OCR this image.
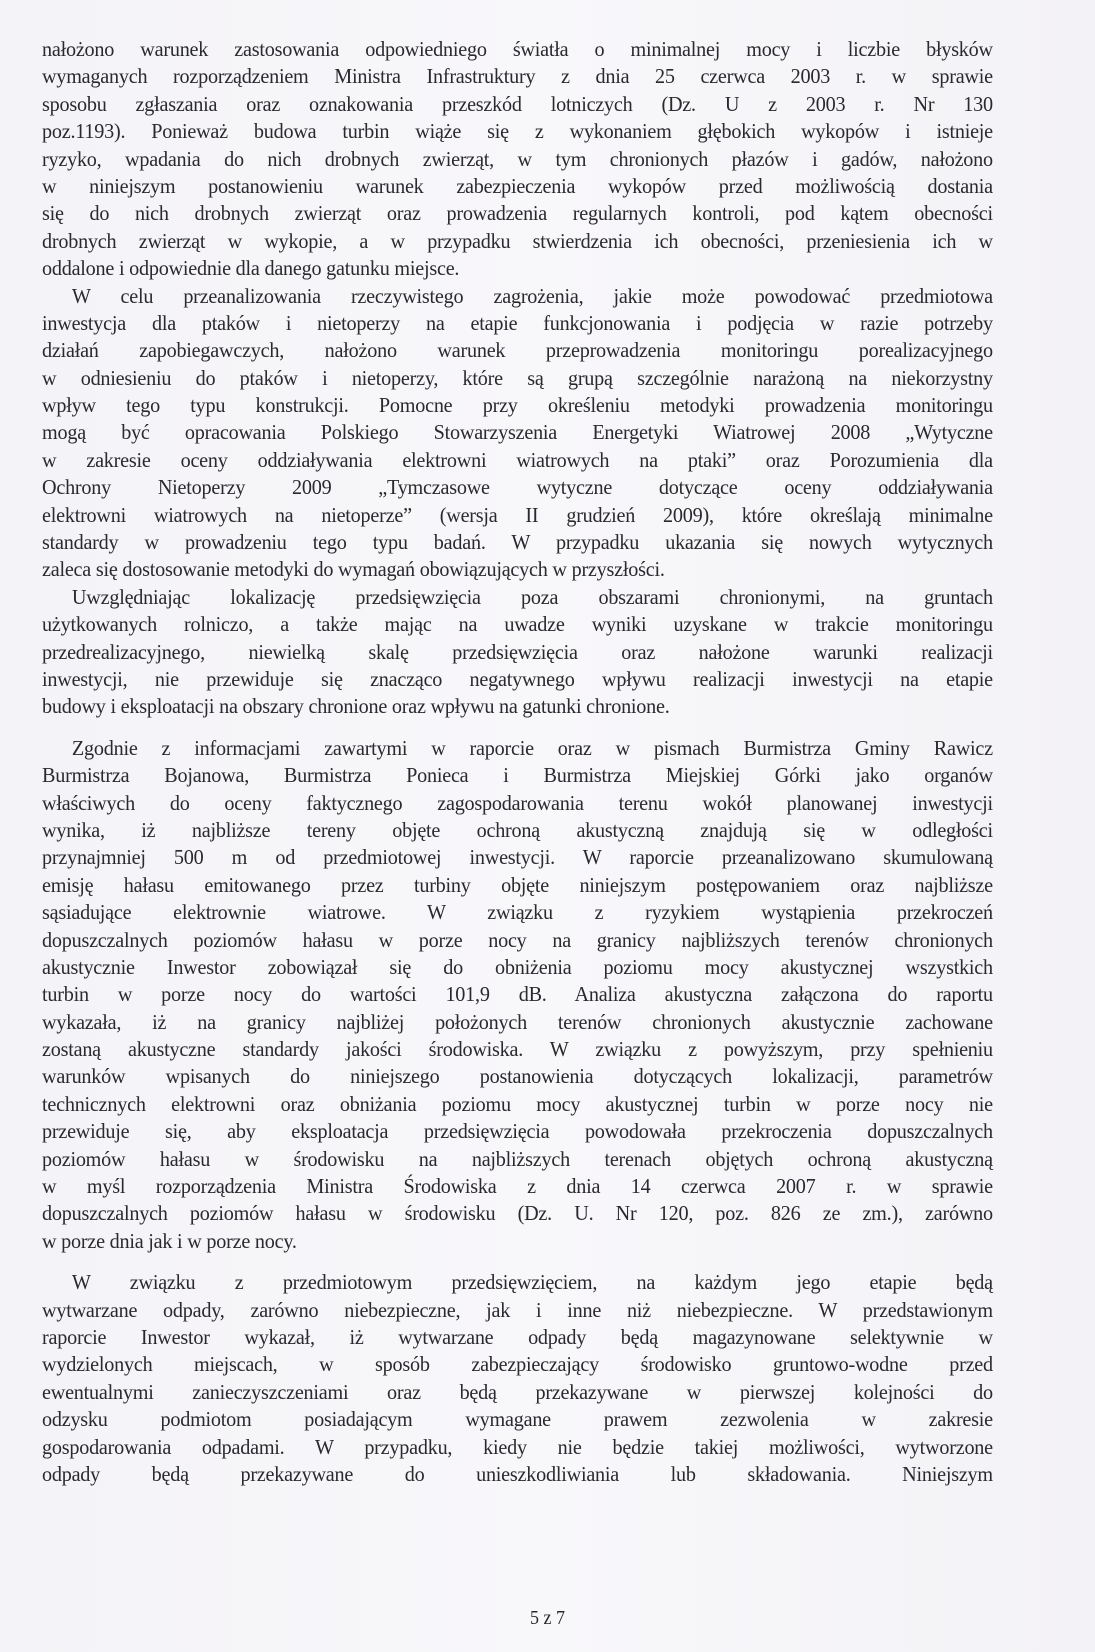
nałożono warunek zastosowania odpowiedniego światła o minimalnej mocy i liczbie błysków
wymaganych rozporządzeniem Ministra Infrastruktury z dnia 25 czerwca 2003 r. w sprawie
sposobu zgłaszania oraz oznakowania przeszkód lotniczych (Dz. U z 2003 r. Nr 130
poz.1193). Ponieważ budowa turbin wiąże się z wykonaniem głębokich wykopów i istnieje
ryzyko, wpadania do nich drobnych zwierząt, w tym chronionych płazów i gadów, nałożono
w niniejszym postanowieniu warunek zabezpieczenia wykopów przed możliwością dostania
się do nich drobnych zwierząt oraz prowadzenia regularnych kontroli, pod kątem obecności
drobnych zwierząt w wykopie, a w przypadku stwierdzenia ich obecności, przeniesienia ich w
oddalone i odpowiednie dla danego gatunku miejsce.
W celu przeanalizowania rzeczywistego zagrożenia, jakie może powodować przedmiotowa
inwestycja dla ptaków i nietoperzy na etapie funkcjonowania i podjęcia w razie potrzeby
działań zapobiegawczych, nałożono warunek przeprowadzenia monitoringu porealizacyjnego
w odniesieniu do ptaków i nietoperzy, które są grupą szczególnie narażoną na niekorzystny
wpływ tego typu konstrukcji. Pomocne przy określeniu metodyki prowadzenia monitoringu
mogą być opracowania Polskiego Stowarzyszenia Energetyki Wiatrowej 2008 „Wytyczne
w zakresie oceny oddziaływania elektrowni wiatrowych na ptaki” oraz Porozumienia dla
Ochrony Nietoperzy 2009 „Tymczasowe wytyczne dotyczące oceny oddziaływania
elektrowni wiatrowych na nietoperze” (wersja II grudzień 2009), które określają minimalne
standardy w prowadzeniu tego typu badań. W przypadku ukazania się nowych wytycznych
zaleca się dostosowanie metodyki do wymagań obowiązujących w przyszłości.
Uwzględniając lokalizację przedsięwzięcia poza obszarami chronionymi, na gruntach
użytkowanych rolniczo, a także mając na uwadze wyniki uzyskane w trakcie monitoringu
przedrealizacyjnego, niewielką skalę przedsięwzięcia oraz nałożone warunki realizacji
inwestycji, nie przewiduje się znacząco negatywnego wpływu realizacji inwestycji na etapie
budowy i eksploatacji na obszary chronione oraz wpływu na gatunki chronione.
Zgodnie z informacjami zawartymi w raporcie oraz w pismach Burmistrza Gminy Rawicz
Burmistrza Bojanowa, Burmistrza Ponieca i Burmistrza Miejskiej Górki jako organów
właściwych do oceny faktycznego zagospodarowania terenu wokół planowanej inwestycji
wynika, iż najbliższe tereny objęte ochroną akustyczną znajdują się w odległości
przynajmniej 500 m od przedmiotowej inwestycji. W raporcie przeanalizowano skumulowaną
emisję hałasu emitowanego przez turbiny objęte niniejszym postępowaniem oraz najbliższe
sąsiadujące elektrownie wiatrowe. W związku z ryzykiem wystąpienia przekroczeń
dopuszczalnych poziomów hałasu w porze nocy na granicy najbliższych terenów chronionych
akustycznie Inwestor zobowiązał się do obniżenia poziomu mocy akustycznej wszystkich
turbin w porze nocy do wartości 101,9 dB. Analiza akustyczna załączona do raportu
wykazała, iż na granicy najbliżej położonych terenów chronionych akustycznie zachowane
zostaną akustyczne standardy jakości środowiska. W związku z powyższym, przy spełnieniu
warunków wpisanych do niniejszego postanowienia dotyczących lokalizacji, parametrów
technicznych elektrowni oraz obniżania poziomu mocy akustycznej turbin w porze nocy nie
przewiduje się, aby eksploatacja przedsięwzięcia powodowała przekroczenia dopuszczalnych
poziomów hałasu w środowisku na najbliższych terenach objętych ochroną akustyczną
w myśl rozporządzenia Ministra Środowiska z dnia 14 czerwca 2007 r. w sprawie
dopuszczalnych poziomów hałasu w środowisku (Dz. U. Nr 120, poz. 826 ze zm.), zarówno
w porze dnia jak i w porze nocy.
W związku z przedmiotowym przedsięwzięciem, na każdym jego etapie będą
wytwarzane odpady, zarówno niebezpieczne, jak i inne niż niebezpieczne. W przedstawionym
raporcie Inwestor wykazał, iż wytwarzane odpady będą magazynowane selektywnie w
wydzielonych miejscach, w sposób zabezpieczający środowisko gruntowo-wodne przed
ewentualnymi zanieczyszczeniami oraz będą przekazywane w pierwszej kolejności do
odzysku podmiotom posiadającym wymagane prawem zezwolenia w zakresie
gospodarowania odpadami. W przypadku, kiedy nie będzie takiej możliwości, wytworzone
odpady będą przekazywane do unieszkodliwiania lub składowania. Niniejszym
5 z 7
